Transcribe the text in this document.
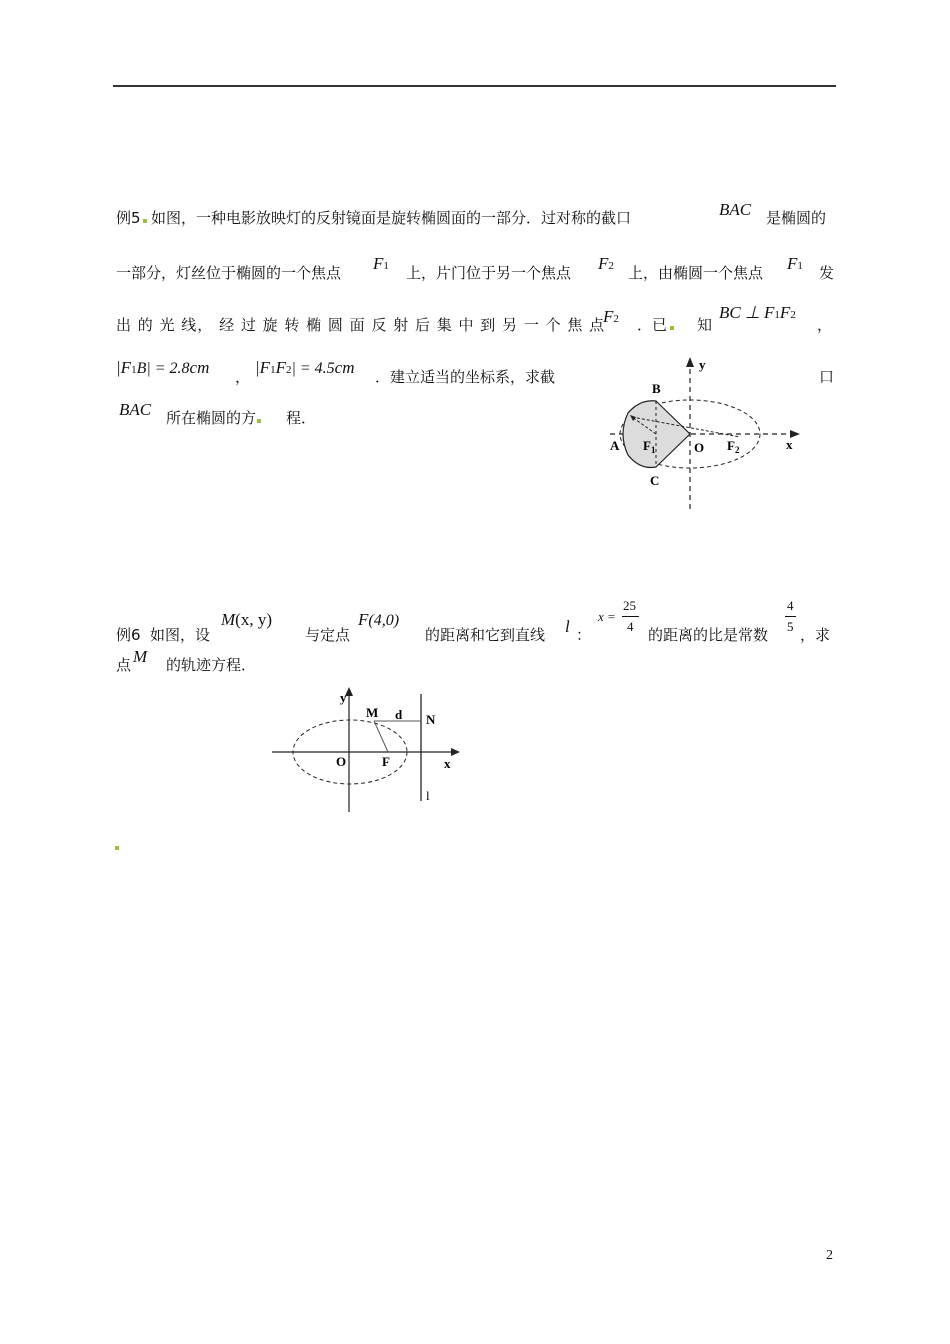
例5 如图，一种电影放映灯的反射镜面是旋转椭圆面的一部分．过对称的截口	BAC 是椭圆的
一部分，灯丝位于椭圆的一个焦点 F1 上，片门位于另一个焦点 F2 上，由椭圆一个焦点 F1 发
出 的 光 线， 经 过 旋 转 椭 圆 面 反 射 后 集 中 到 另 一 个 焦 点
F2 ．已	知
BC ⊥ F1F2
，
|F1B| = 2.8cm ， |F1F2| = 4.5cm ．建立适当的坐标系，求截	口
BAC 所在椭圆的方	程．
y
x
B
A
C
O
$F_1$	$F_2$
例6 如图，设
M(x, y)
与定点
F(4,0)
的距离和它到直线 l ：
x =
25
4 的距离的比是常数
4
5 ，求
点 M 的轨迹方程．
y
x
M d N
O	F
l
2
